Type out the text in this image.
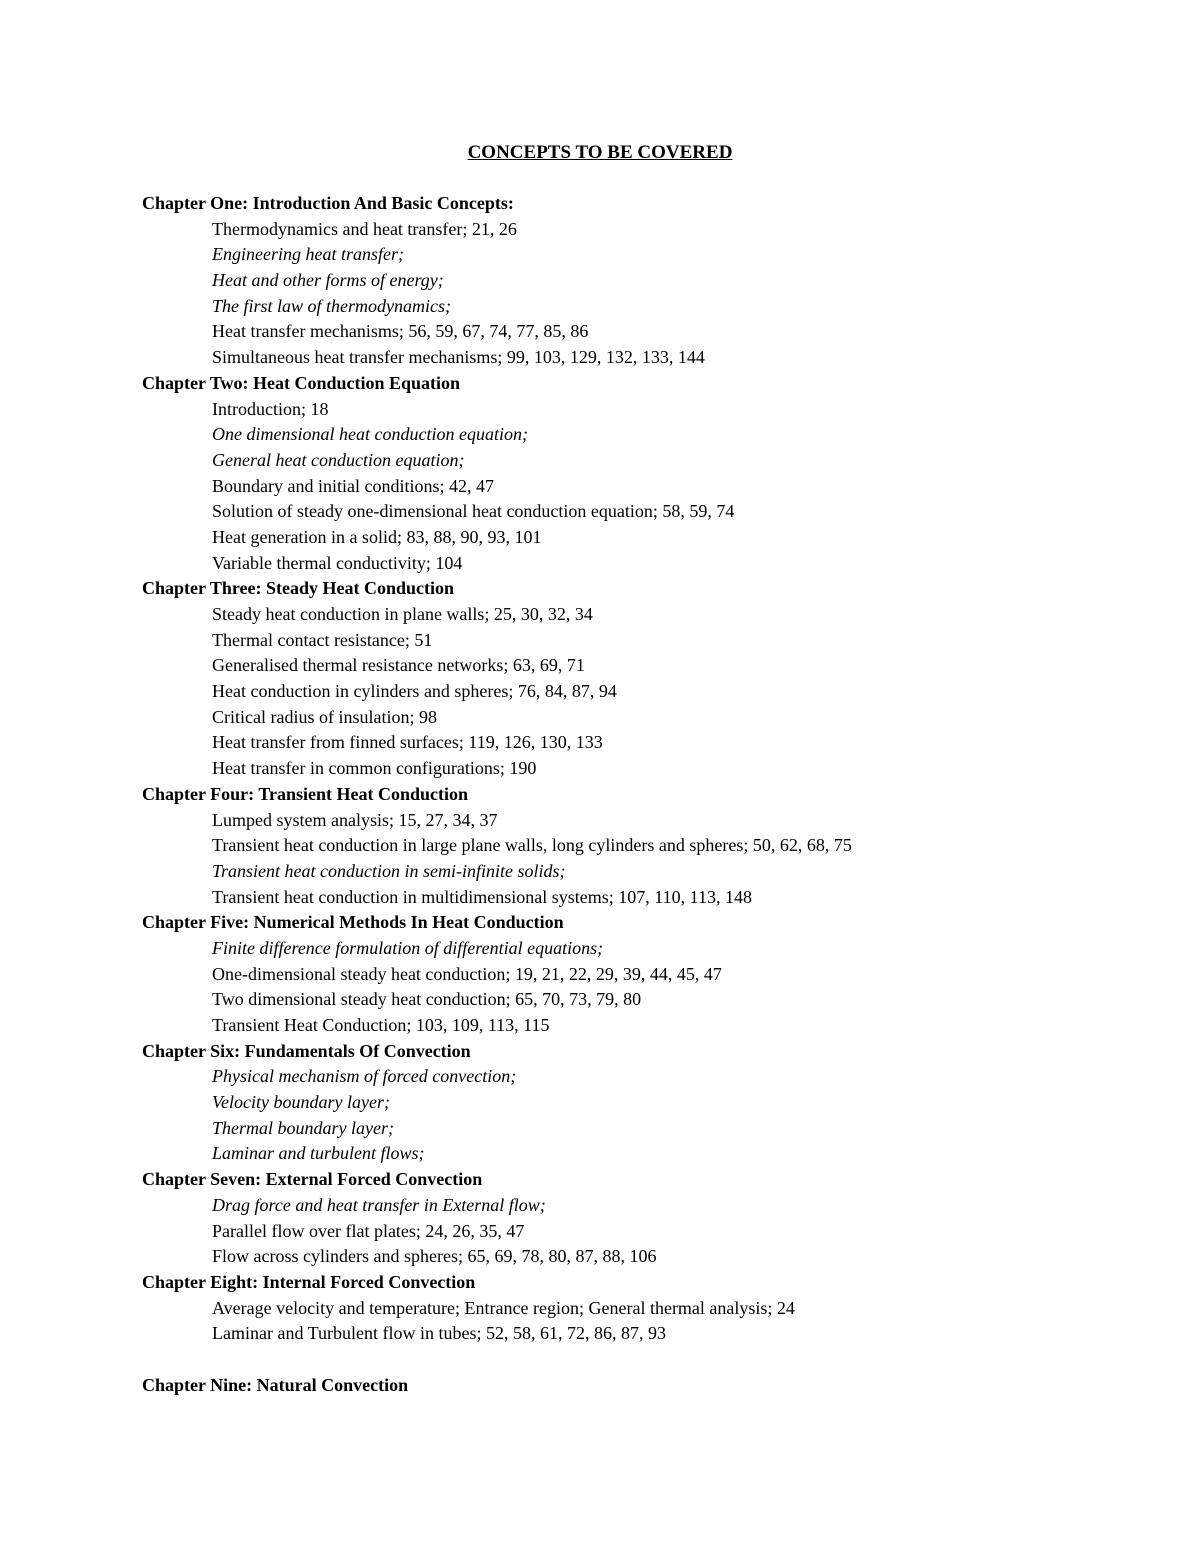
CONCEPTS TO BE COVERED
Chapter One: Introduction And Basic Concepts:
Thermodynamics and heat transfer; 21, 26
Engineering heat transfer;
Heat and other forms of energy;
The first law of thermodynamics;
Heat transfer mechanisms; 56, 59, 67, 74, 77, 85, 86
Simultaneous heat transfer mechanisms; 99, 103, 129, 132, 133, 144
Chapter Two: Heat Conduction Equation
Introduction; 18
One dimensional heat conduction equation;
General heat conduction equation;
Boundary and initial conditions; 42, 47
Solution of steady one-dimensional heat conduction equation; 58, 59, 74
Heat generation in a solid; 83, 88, 90, 93, 101
Variable thermal conductivity; 104
Chapter Three: Steady Heat Conduction
Steady heat conduction in plane walls; 25, 30, 32, 34
Thermal contact resistance; 51
Generalised thermal resistance networks; 63, 69, 71
Heat conduction in cylinders and spheres; 76, 84, 87, 94
Critical radius of insulation; 98
Heat transfer from finned surfaces; 119, 126, 130, 133
Heat transfer in common configurations; 190
Chapter Four: Transient Heat Conduction
Lumped system analysis; 15, 27, 34, 37
Transient heat conduction in large plane walls, long cylinders and spheres; 50, 62, 68, 75
Transient heat conduction in semi-infinite solids;
Transient heat conduction in multidimensional systems; 107, 110, 113, 148
Chapter Five: Numerical Methods In Heat Conduction
Finite difference formulation of differential equations;
One-dimensional steady heat conduction; 19, 21, 22, 29, 39, 44, 45, 47
Two dimensional steady heat conduction; 65, 70, 73, 79, 80
Transient Heat Conduction; 103, 109, 113, 115
Chapter Six: Fundamentals Of Convection
Physical mechanism of forced convection;
Velocity boundary layer;
Thermal boundary layer;
Laminar and turbulent flows;
Chapter Seven: External Forced Convection
Drag force and heat transfer in External flow;
Parallel flow over flat plates; 24, 26, 35, 47
Flow across cylinders and spheres; 65, 69, 78, 80, 87, 88, 106
Chapter Eight: Internal Forced Convection
Average velocity and temperature; Entrance region; General thermal analysis; 24
Laminar and Turbulent flow in tubes; 52, 58, 61, 72, 86, 87, 93
Chapter Nine: Natural Convection
